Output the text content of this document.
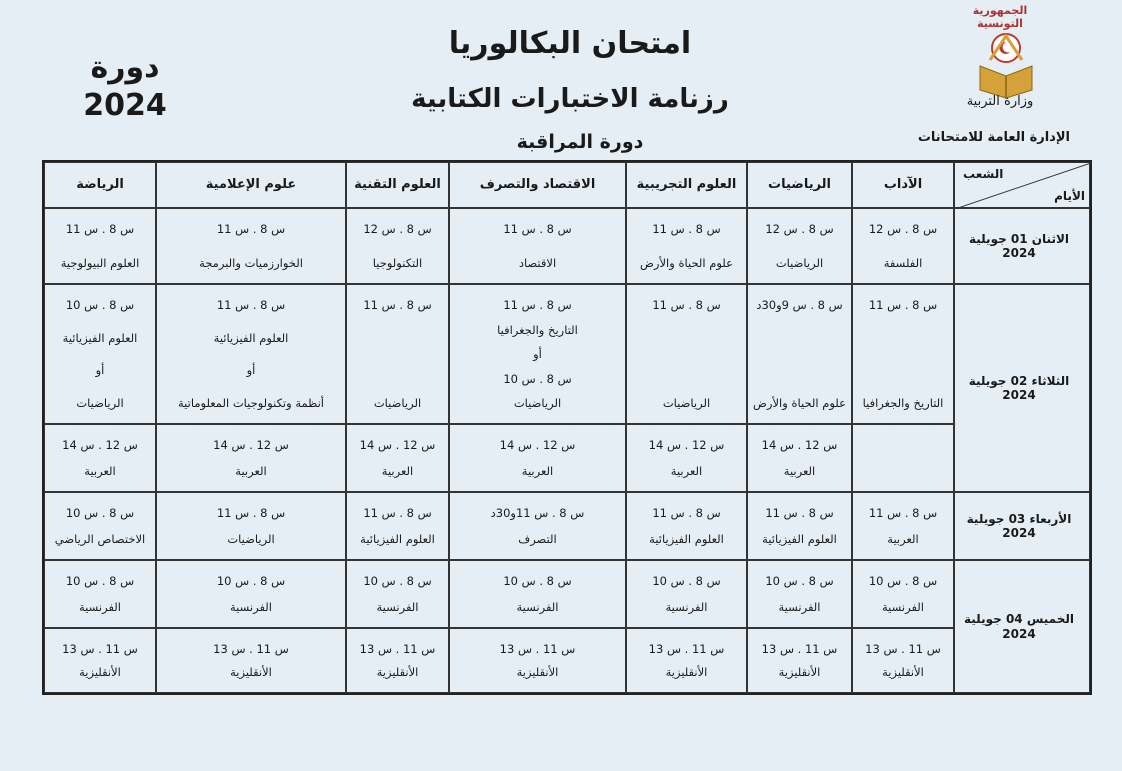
امتحان البكالوريا
رزنامة الاختبارات الكتابية
دورة المراقبة
دورة
2024
الجمهورية التونسية
وزارة التربية
الإدارة العامة للامتحانات
الشعب
الأيام
الآداب
الرياضيات
العلوم التجريبية
الاقتصاد والتصرف
العلوم التقنية
علوم الإعلامية
الرياضة
الاثنان 01 جويلية 2024
الثلاثاء 02 جويلية 2024
الأربعاء 03 جويلية 2024
الخميس 04 جويلية 2024
س 8 . س 12
الفلسفة
س 8 . س 12
الرياضيات
س 8 . س 11
علوم الحياة والأرض
س 8 . س 11
الاقتصاد
س 8 . س 12
التكنولوجيا
س 8 . س 11
الخوارزميات والبرمجة
س 8 . س 11
العلوم البيولوجية
س 8 . س 11
التاريخ والجغرافيا
س 8 . س 9و30د
علوم الحياة والأرض
س 8 . س 11
الرياضيات
س 8 . س 11
التاريخ والجغرافيا
أو
س 8 . س 10
الرياضيات
س 8 . س 11
الرياضيات
س 8 . س 11
العلوم الفيزيائية
أو
أنظمة وتكنولوجيات المعلوماتية
س 8 . س 10
العلوم الفيزيائية
أو
الرياضيات
س 12 . س 14
العربية
س 12 . س 14
العربية
س 12 . س 14
العربية
س 12 . س 14
العربية
س 12 . س 14
العربية
س 12 . س 14
العربية
س 8 . س 11
العربية
س 8 . س 11
العلوم الفيزيائية
س 8 . س 11
العلوم الفيزيائية
س 8 . س 11و30د
التصرف
س 8 . س 11
العلوم الفيزيائية
س 8 . س 11
الرياضيات
س 8 . س 10
الاختصاص الرياضي
س 8 . س 10
الفرنسية
س 8 . س 10
الفرنسية
س 8 . س 10
الفرنسية
س 8 . س 10
الفرنسية
س 8 . س 10
الفرنسية
س 8 . س 10
الفرنسية
س 8 . س 10
الفرنسية
س 11 . س 13
الأنقليزية
س 11 . س 13
الأنقليزية
س 11 . س 13
الأنقليزية
س 11 . س 13
الأنقليزية
س 11 . س 13
الأنقليزية
س 11 . س 13
الأنقليزية
س 11 . س 13
الأنقليزية
